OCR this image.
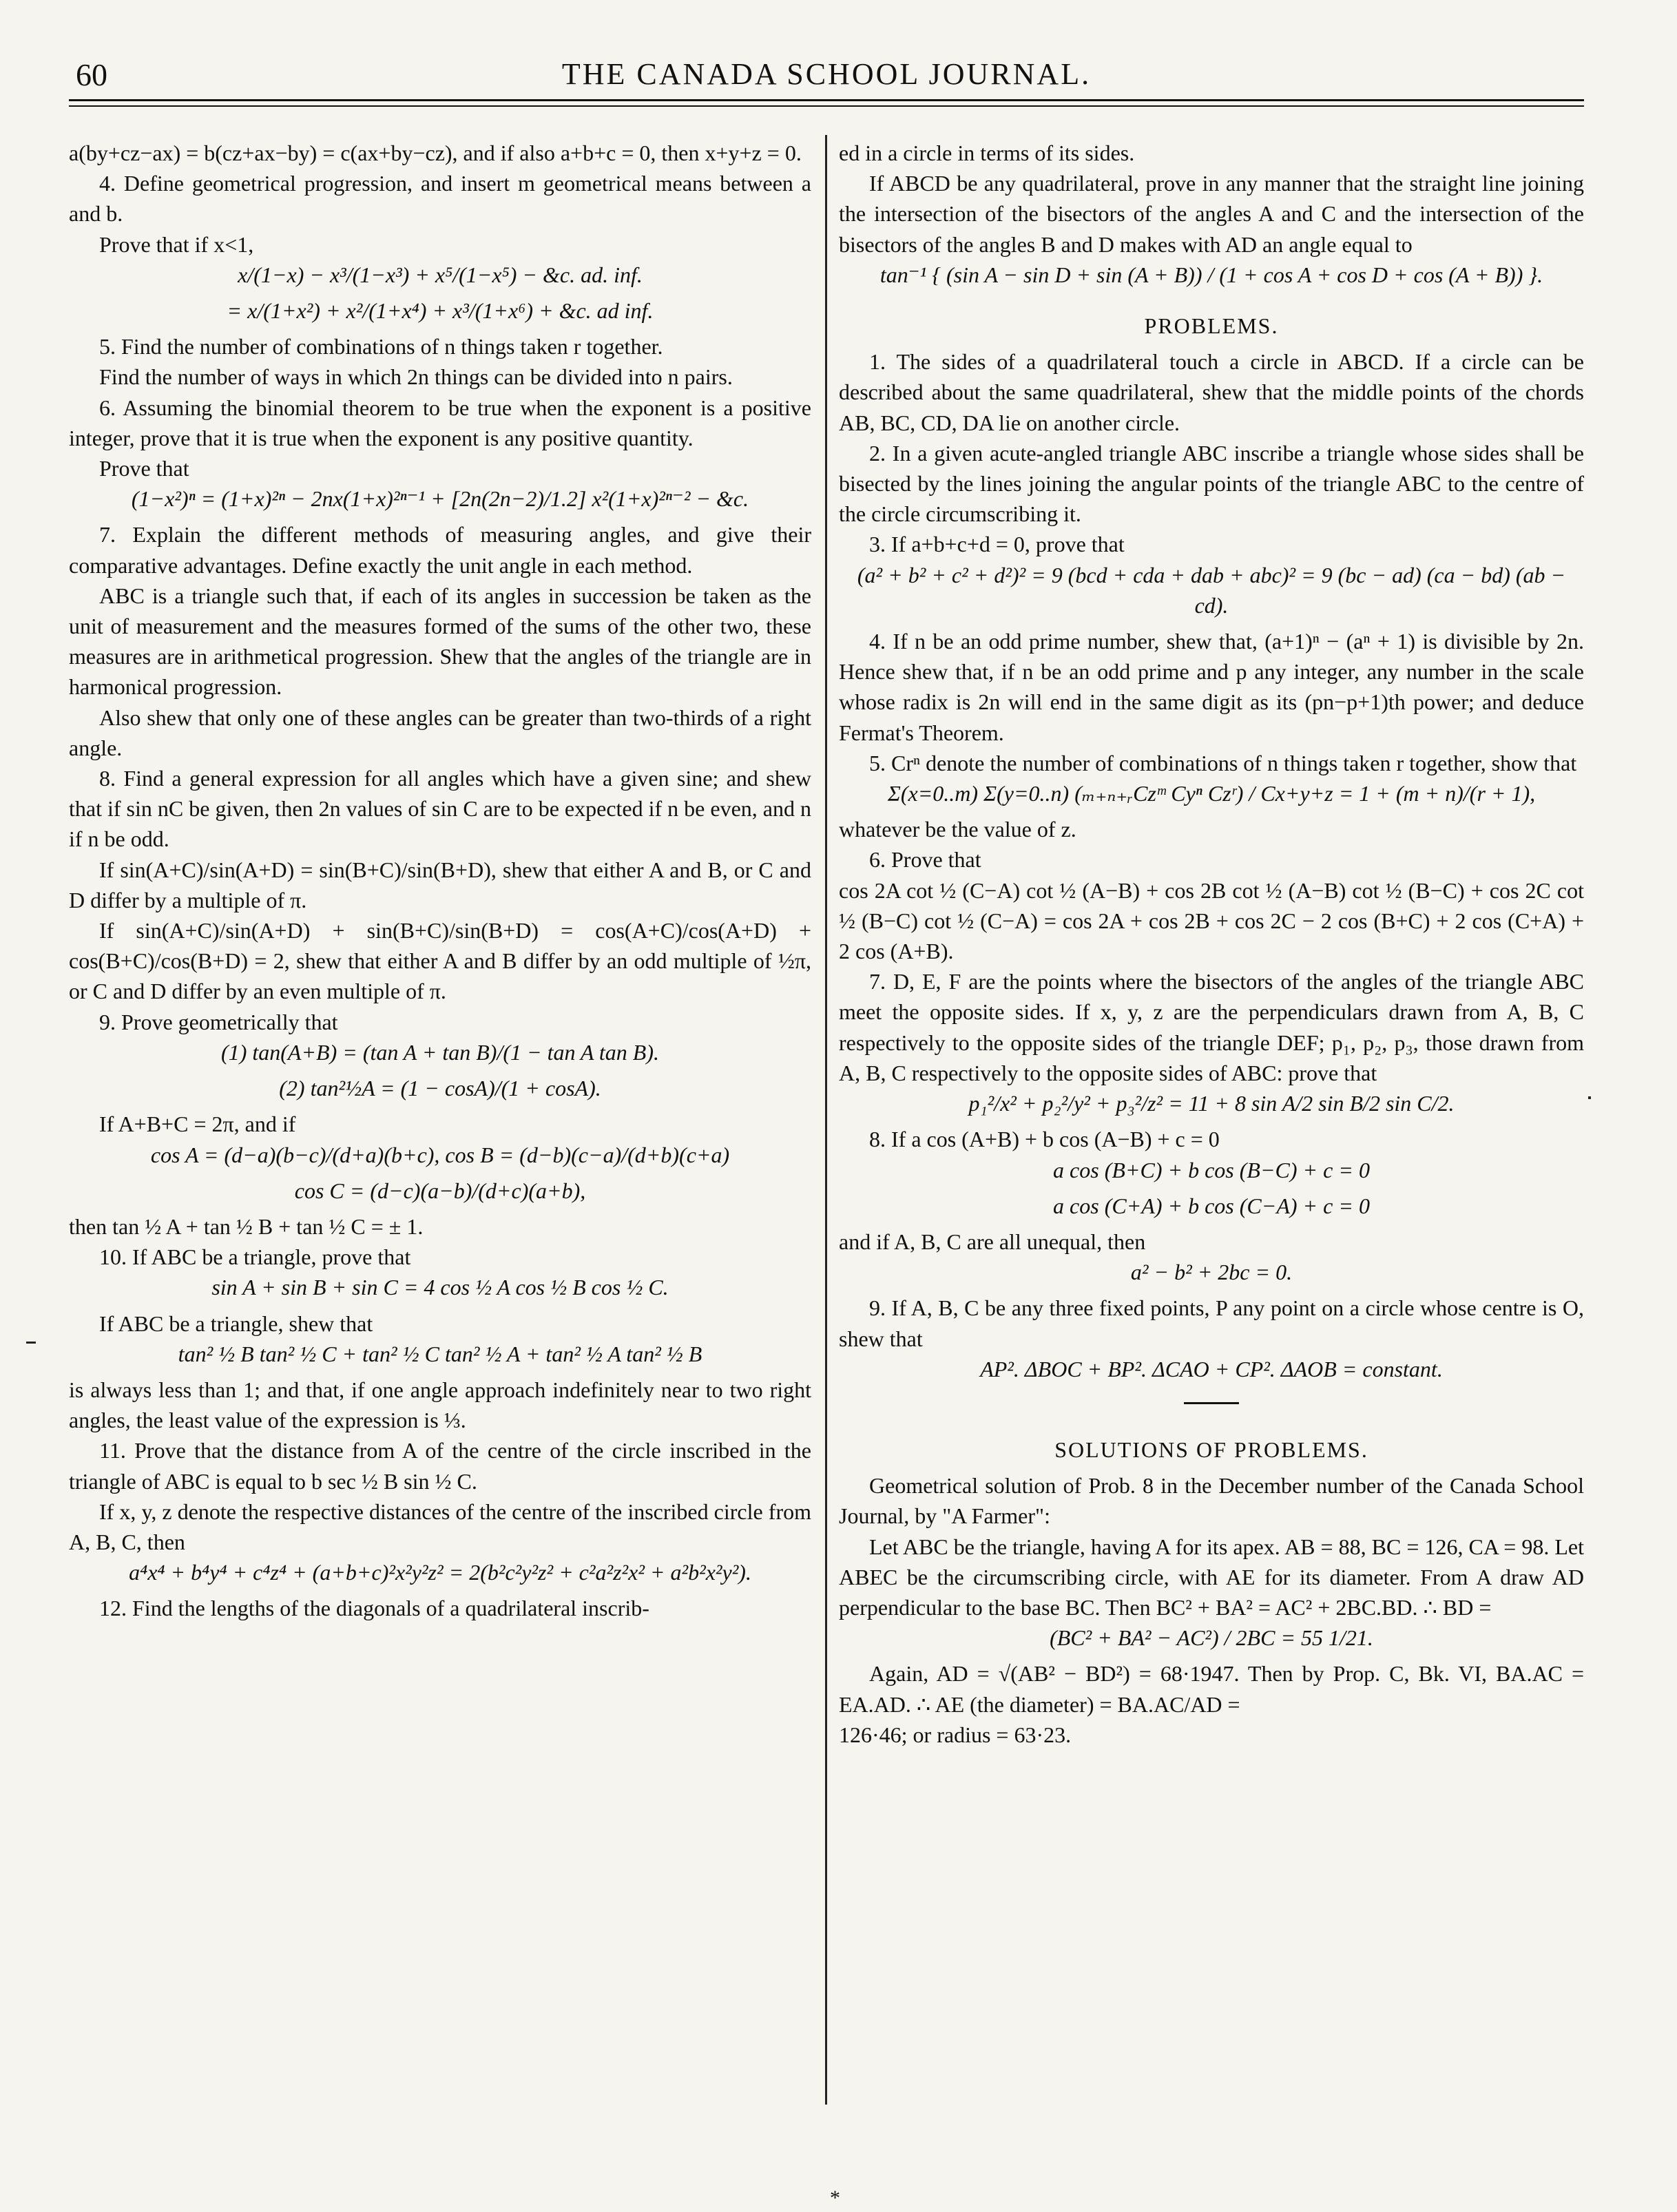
60	THE CANADA SCHOOL JOURNAL.

a(by+cz−ax) = b(cz+ax−by) = c(ax+by−cz), and if also a+b+c = 0, then x+y+z = 0.

4. Define geometrical progression, and insert m geometrical means between a and b.

Prove that if x<1,

x/(1−x) − x³/(1−x³) + x⁵/(1−x⁵) − &c. ad. inf.

= x/(1+x²) + x²/(1+x⁴) + x³/(1+x⁶) + &c. ad inf.

5. Find the number of combinations of n things taken r together.

Find the number of ways in which 2n things can be divided into n pairs.

6. Assuming the binomial theorem to be true when the exponent is a positive integer, prove that it is true when the exponent is any positive quantity.

Prove that

(1−x²)ⁿ = (1+x)²ⁿ − 2nx(1+x)²ⁿ⁻¹ + [2n(2n−2)/1.2] x²(1+x)²ⁿ⁻² − &c.

7. Explain the different methods of measuring angles, and give their comparative advantages. Define exactly the unit angle in each method.

ABC is a triangle such that, if each of its angles in succession be taken as the unit of measurement and the measures formed of the sums of the other two, these measures are in arithmetical progression. Shew that the angles of the triangle are in harmonical progression.

Also shew that only one of these angles can be greater than two-thirds of a right angle.

8. Find a general expression for all angles which have a given sine; and shew that if sin nC be given, then 2n values of sin C are to be expected if n be even, and n if n be odd.

If sin(A+C)/sin(A+D) = sin(B+C)/sin(B+D), shew that either A and B, or C and D differ by a multiple of π.

If sin(A+C)/sin(A+D) + sin(B+C)/sin(B+D) = cos(A+C)/cos(A+D) + cos(B+C)/cos(B+D) = 2, shew that either A and B differ by an odd multiple of ½π, or C and D differ by an even multiple of π.

9. Prove geometrically that

(1) tan(A+B) = (tan A + tan B)/(1 − tan A tan B).

(2) tan²½A = (1 − cosA)/(1 + cosA).

If A+B+C = 2π, and if

cos A = (d−a)(b−c)/(d+a)(b+c), cos B = (d−b)(c−a)/(d+b)(c+a)

cos C = (d−c)(a−b)/(d+c)(a+b),

then tan ½ A + tan ½ B + tan ½ C = ± 1.

10. If ABC be a triangle, prove that

sin A + sin B + sin C = 4 cos ½ A cos ½ B cos ½ C.

If ABC be a triangle, shew that

tan² ½ B tan² ½ C + tan² ½ C tan² ½ A + tan² ½ A tan² ½ B

is always less than 1; and that, if one angle approach indefinitely near to two right angles, the least value of the expression is ⅓.

11. Prove that the distance from A of the centre of the circle inscribed in the triangle of ABC is equal to b sec ½ B sin ½ C.

If x, y, z denote the respective distances of the centre of the inscribed circle from A, B, C, then

a⁴x⁴ + b⁴y⁴ + c⁴z⁴ + (a+b+c)²x²y²z² = 2(b²c²y²z² + c²a²z²x² + a²b²x²y²).

12. Find the lengths of the diagonals of a quadrilateral inscrib-

ed in a circle in terms of its sides.

If ABCD be any quadrilateral, prove in any manner that the straight line joining the intersection of the bisectors of the angles A and C and the intersection of the bisectors of the angles B and D makes with AD an angle equal to

tan⁻¹ { (sin A − sin D + sin (A + B)) / (1 + cos A + cos D + cos (A + B)) }.

PROBLEMS.

1. The sides of a quadrilateral touch a circle in ABCD. If a circle can be described about the same quadrilateral, shew that the middle points of the chords AB, BC, CD, DA lie on another circle.

2. In a given acute-angled triangle ABC inscribe a triangle whose sides shall be bisected by the lines joining the angular points of the triangle ABC to the centre of the circle circumscribing it.

3. If a+b+c+d = 0, prove that

(a² + b² + c² + d²)² = 9 (bcd + cda + dab + abc)² = 9 (bc − ad) (ca − bd) (ab − cd).

4. If n be an odd prime number, shew that, (a+1)ⁿ − (aⁿ + 1) is divisible by 2n. Hence shew that, if n be an odd prime and p any integer, any number in the scale whose radix is 2n will end in the same digit as its (pn−p+1)th power; and deduce Fermat's Theorem.

5. Crⁿ denote the number of combinations of n things taken r together, show that

Σ(x=0..m) Σ(y=0..n) (ₘ₊ₙ₊ᵣCzᵐ Cyⁿ Czʳ) / Cx+y+z = 1 + (m + n)/(r + 1),

whatever be the value of z.

6. Prove that

cos 2A cot ½ (C−A) cot ½ (A−B) + cos 2B cot ½ (A−B) cot ½ (B−C) + cos 2C cot ½ (B−C) cot ½ (C−A) = cos 2A + cos 2B + cos 2C − 2 cos (B+C) + 2 cos (C+A) + 2 cos (A+B).

7. D, E, F are the points where the bisectors of the angles of the triangle ABC meet the opposite sides. If x, y, z are the perpendiculars drawn from A, B, C respectively to the opposite sides of the triangle DEF; p₁, p₂, p₃, those drawn from A, B, C respectively to the opposite sides of ABC: prove that

p₁²/x² + p₂²/y² + p₃²/z² = 11 + 8 sin A/2 sin B/2 sin C/2.

8. If a cos (A+B) + b cos (A−B) + c = 0

a cos (B+C) + b cos (B−C) + c = 0

a cos (C+A) + b cos (C−A) + c = 0

and if A, B, C are all unequal, then

a² − b² + 2bc = 0.

9. If A, B, C be any three fixed points, P any point on a circle whose centre is O, shew that

AP². ΔBOC + BP². ΔCAO + CP². ΔAOB = constant.

SOLUTIONS OF PROBLEMS.

Geometrical solution of Prob. 8 in the December number of the Canada School Journal, by "A Farmer":

Let ABC be the triangle, having A for its apex. AB = 88, BC = 126, CA = 98. Let ABEC be the circumscribing circle, with AE for its diameter. From A draw AD perpendicular to the base BC. Then BC² + BA² = AC² + 2BC.BD. ∴ BD =

(BC² + BA² − AC²) / 2BC = 55 1/21.

Again, AD = √(AB² − BD²) = 68·1947. Then by Prop. C, Bk. VI, BA.AC = EA.AD. ∴ AE (the diameter) = BA.AC/AD =

126·46; or radius = 63·23.

*
